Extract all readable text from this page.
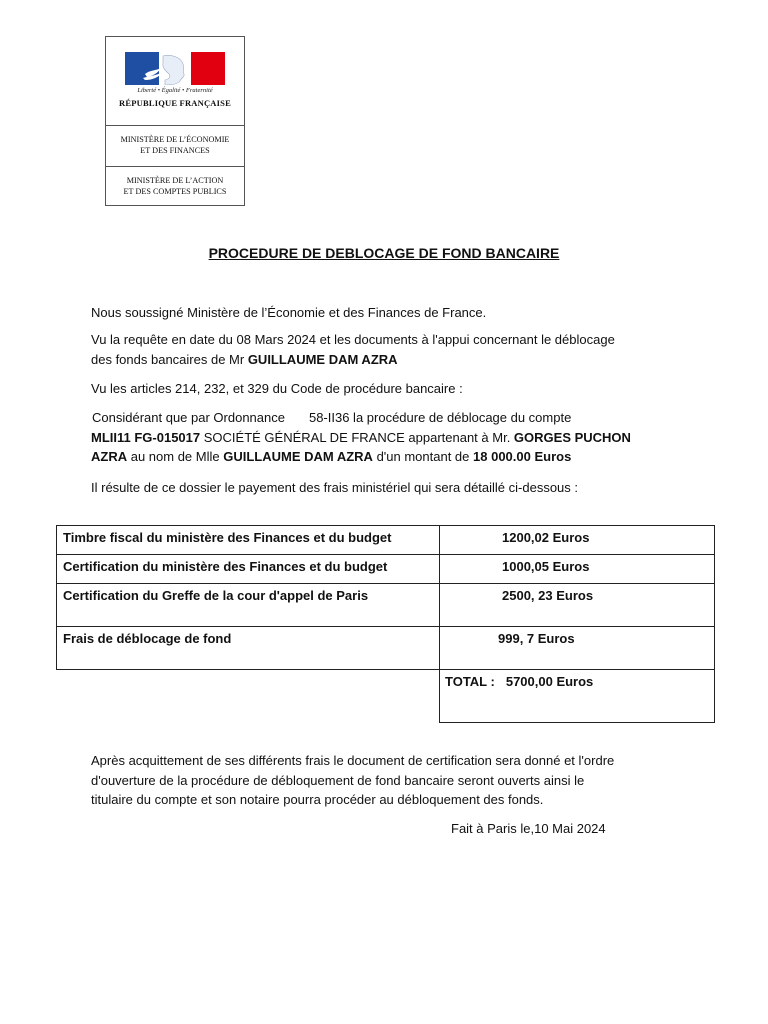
Liberté • Égalité • Fraternité
RÉPUBLIQUE FRANÇAISE
MINISTÈRE DE L’ÉCONOMIE
ET DES FINANCES
MINISTÈRE DE L’ACTION
ET DES COMPTES PUBLICS
PROCEDURE DE DEBLOCAGE DE FOND BANCAIRE
Nous soussigné Ministère de l’Économie et des Finances de France.
Vu la requête en date du 08 Mars 2024 et les documents à l'appui concernant le déblocage
des fonds bancaires de Mr GUILLAUME DAM AZRA
Vu les articles 214, 232, et 329 du Code de procédure bancaire :
Considérant que par Ordonnance 58-II36 la procédure de déblocage du compte
MLII11 FG-015017 SOCIÉTÉ GÉNÉRAL DE FRANCE appartenant à Mr. GORGES PUCHON
AZRA au nom de Mlle GUILLAUME DAM AZRA d'un montant de 18 000.00 Euros
Il résulte de ce dossier le payement des frais ministériel qui sera détaillé ci-dessous :
Timbre fiscal du ministère des Finances et du budget	1200,02 Euros
Certification du ministère des Finances et du budget	1000,05 Euros
Certification du Greffe de la cour d'appel de Paris	2500, 23 Euros
Frais de déblocage de fond	999, 7 Euros
TOTAL : 5700,00 Euros
Après acquittement de ses différents frais le document de certification sera donné et l'ordre
d'ouverture de la procédure de débloquement de fond bancaire seront ouverts ainsi le
titulaire du compte et son notaire pourra procéder au débloquement des fonds.
Fait à Paris le,10 Mai 2024
